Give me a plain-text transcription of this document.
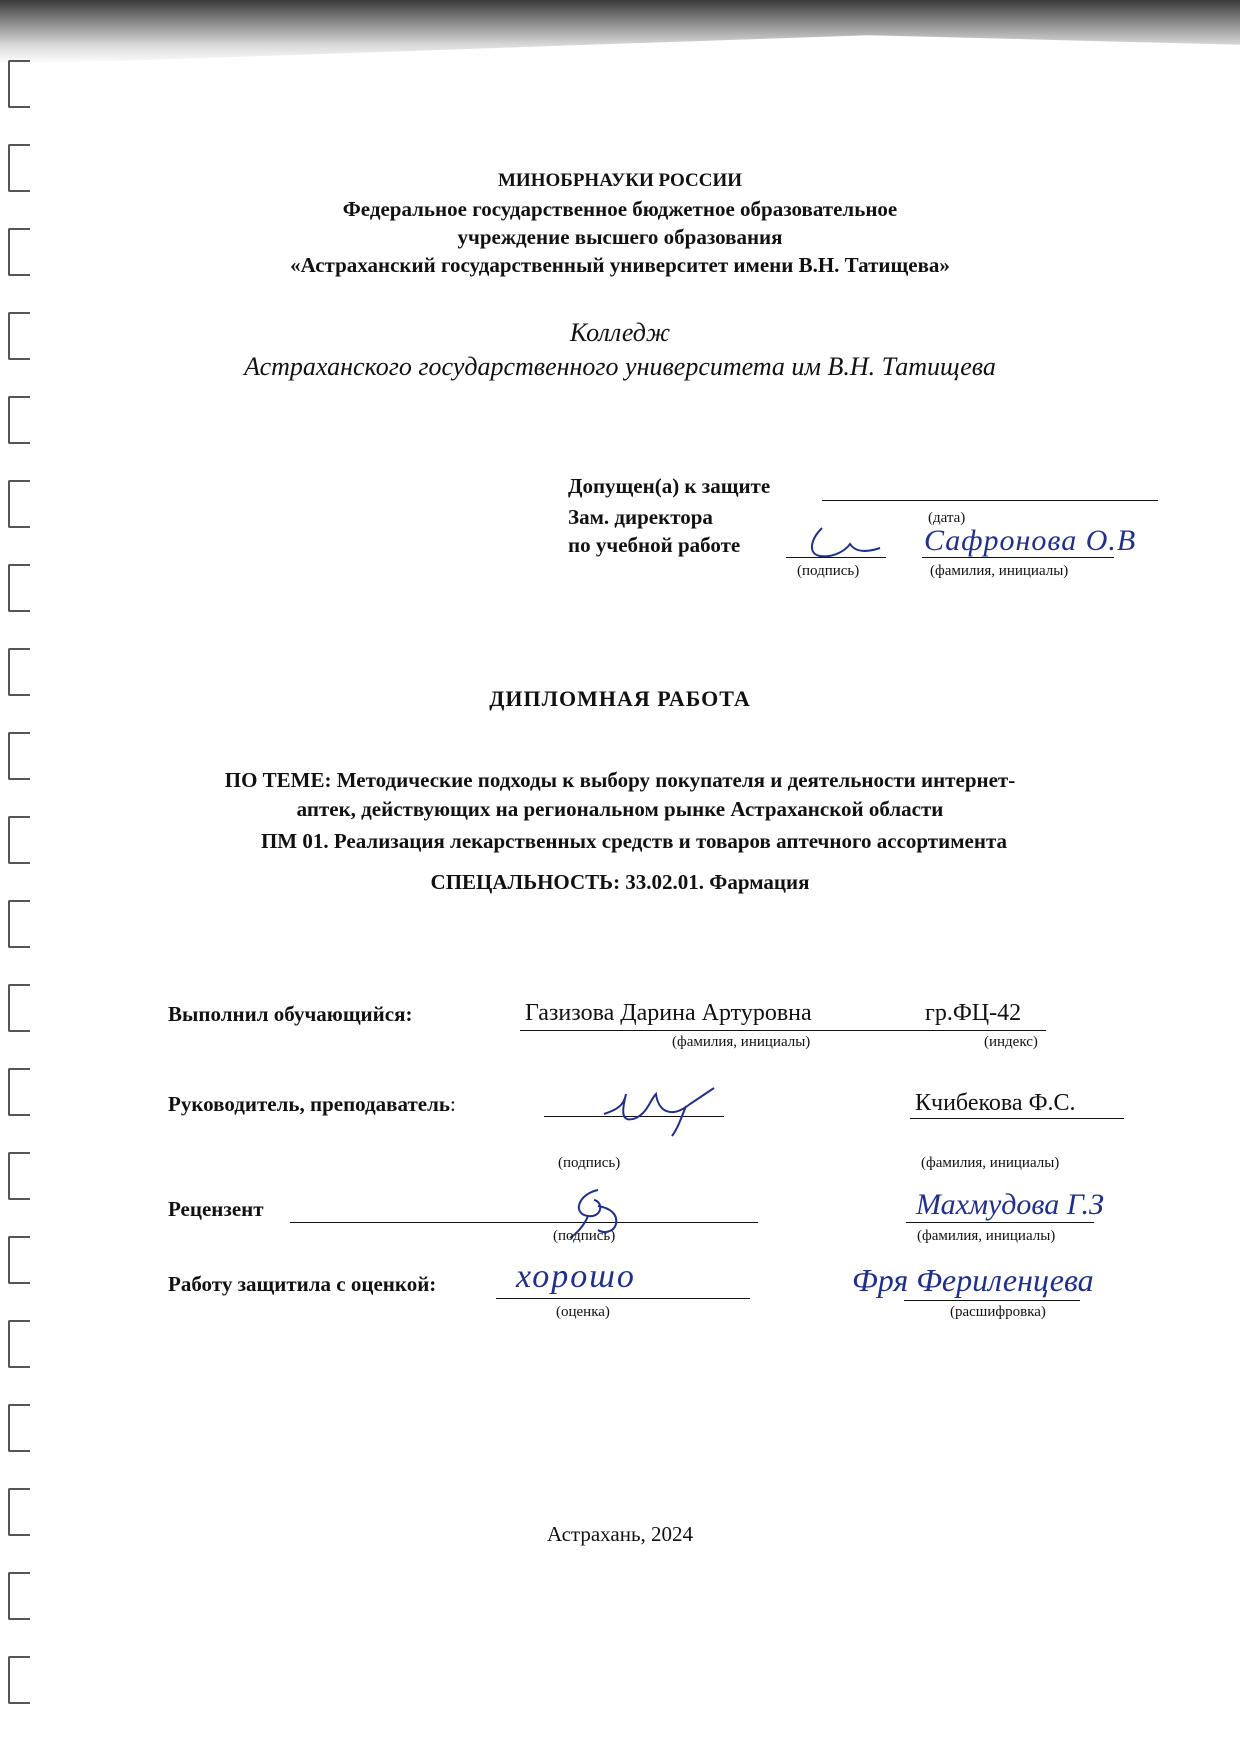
МИНОБРНАУКИ РОССИИ
Федеральное государственное бюджетное образовательное
учреждение высшего образования
«Астраханский государственный университет имени В.Н. Татищева»
Колледж
Астраханского государственного университета им В.Н. Татищева
Допущен(а) к защите
(дата)
Зам. директора
по учебной работе	Сафронова О.В
(подпись)	(фамилия, инициалы)
ДИПЛОМНАЯ РАБОТА
ПО ТЕМЕ: Методические подходы к выбору покупателя и деятельности интернет-
аптек, действующих на региональном рынке Астраханской области
ПМ 01. Реализация лекарственных средств и товаров аптечного ассортимента
СПЕЦАЛЬНОСТЬ: 33.02.01. Фармация
Выполнил обучающийся:	Газизова Дарина Артуровна	гр.ФЦ-42
(фамилия, инициалы)	(индекс)
Руководитель, преподаватель:	Кчибекова Ф.С.
(подпись)	(фамилия, инициалы)
Рецензент	Махмудова Г.З
(подпись)	(фамилия, инициалы)
Работу защитила с оценкой: хорошо	Фря Фериленцева
(оценка)	(расшифровка)
Астрахань, 2024
